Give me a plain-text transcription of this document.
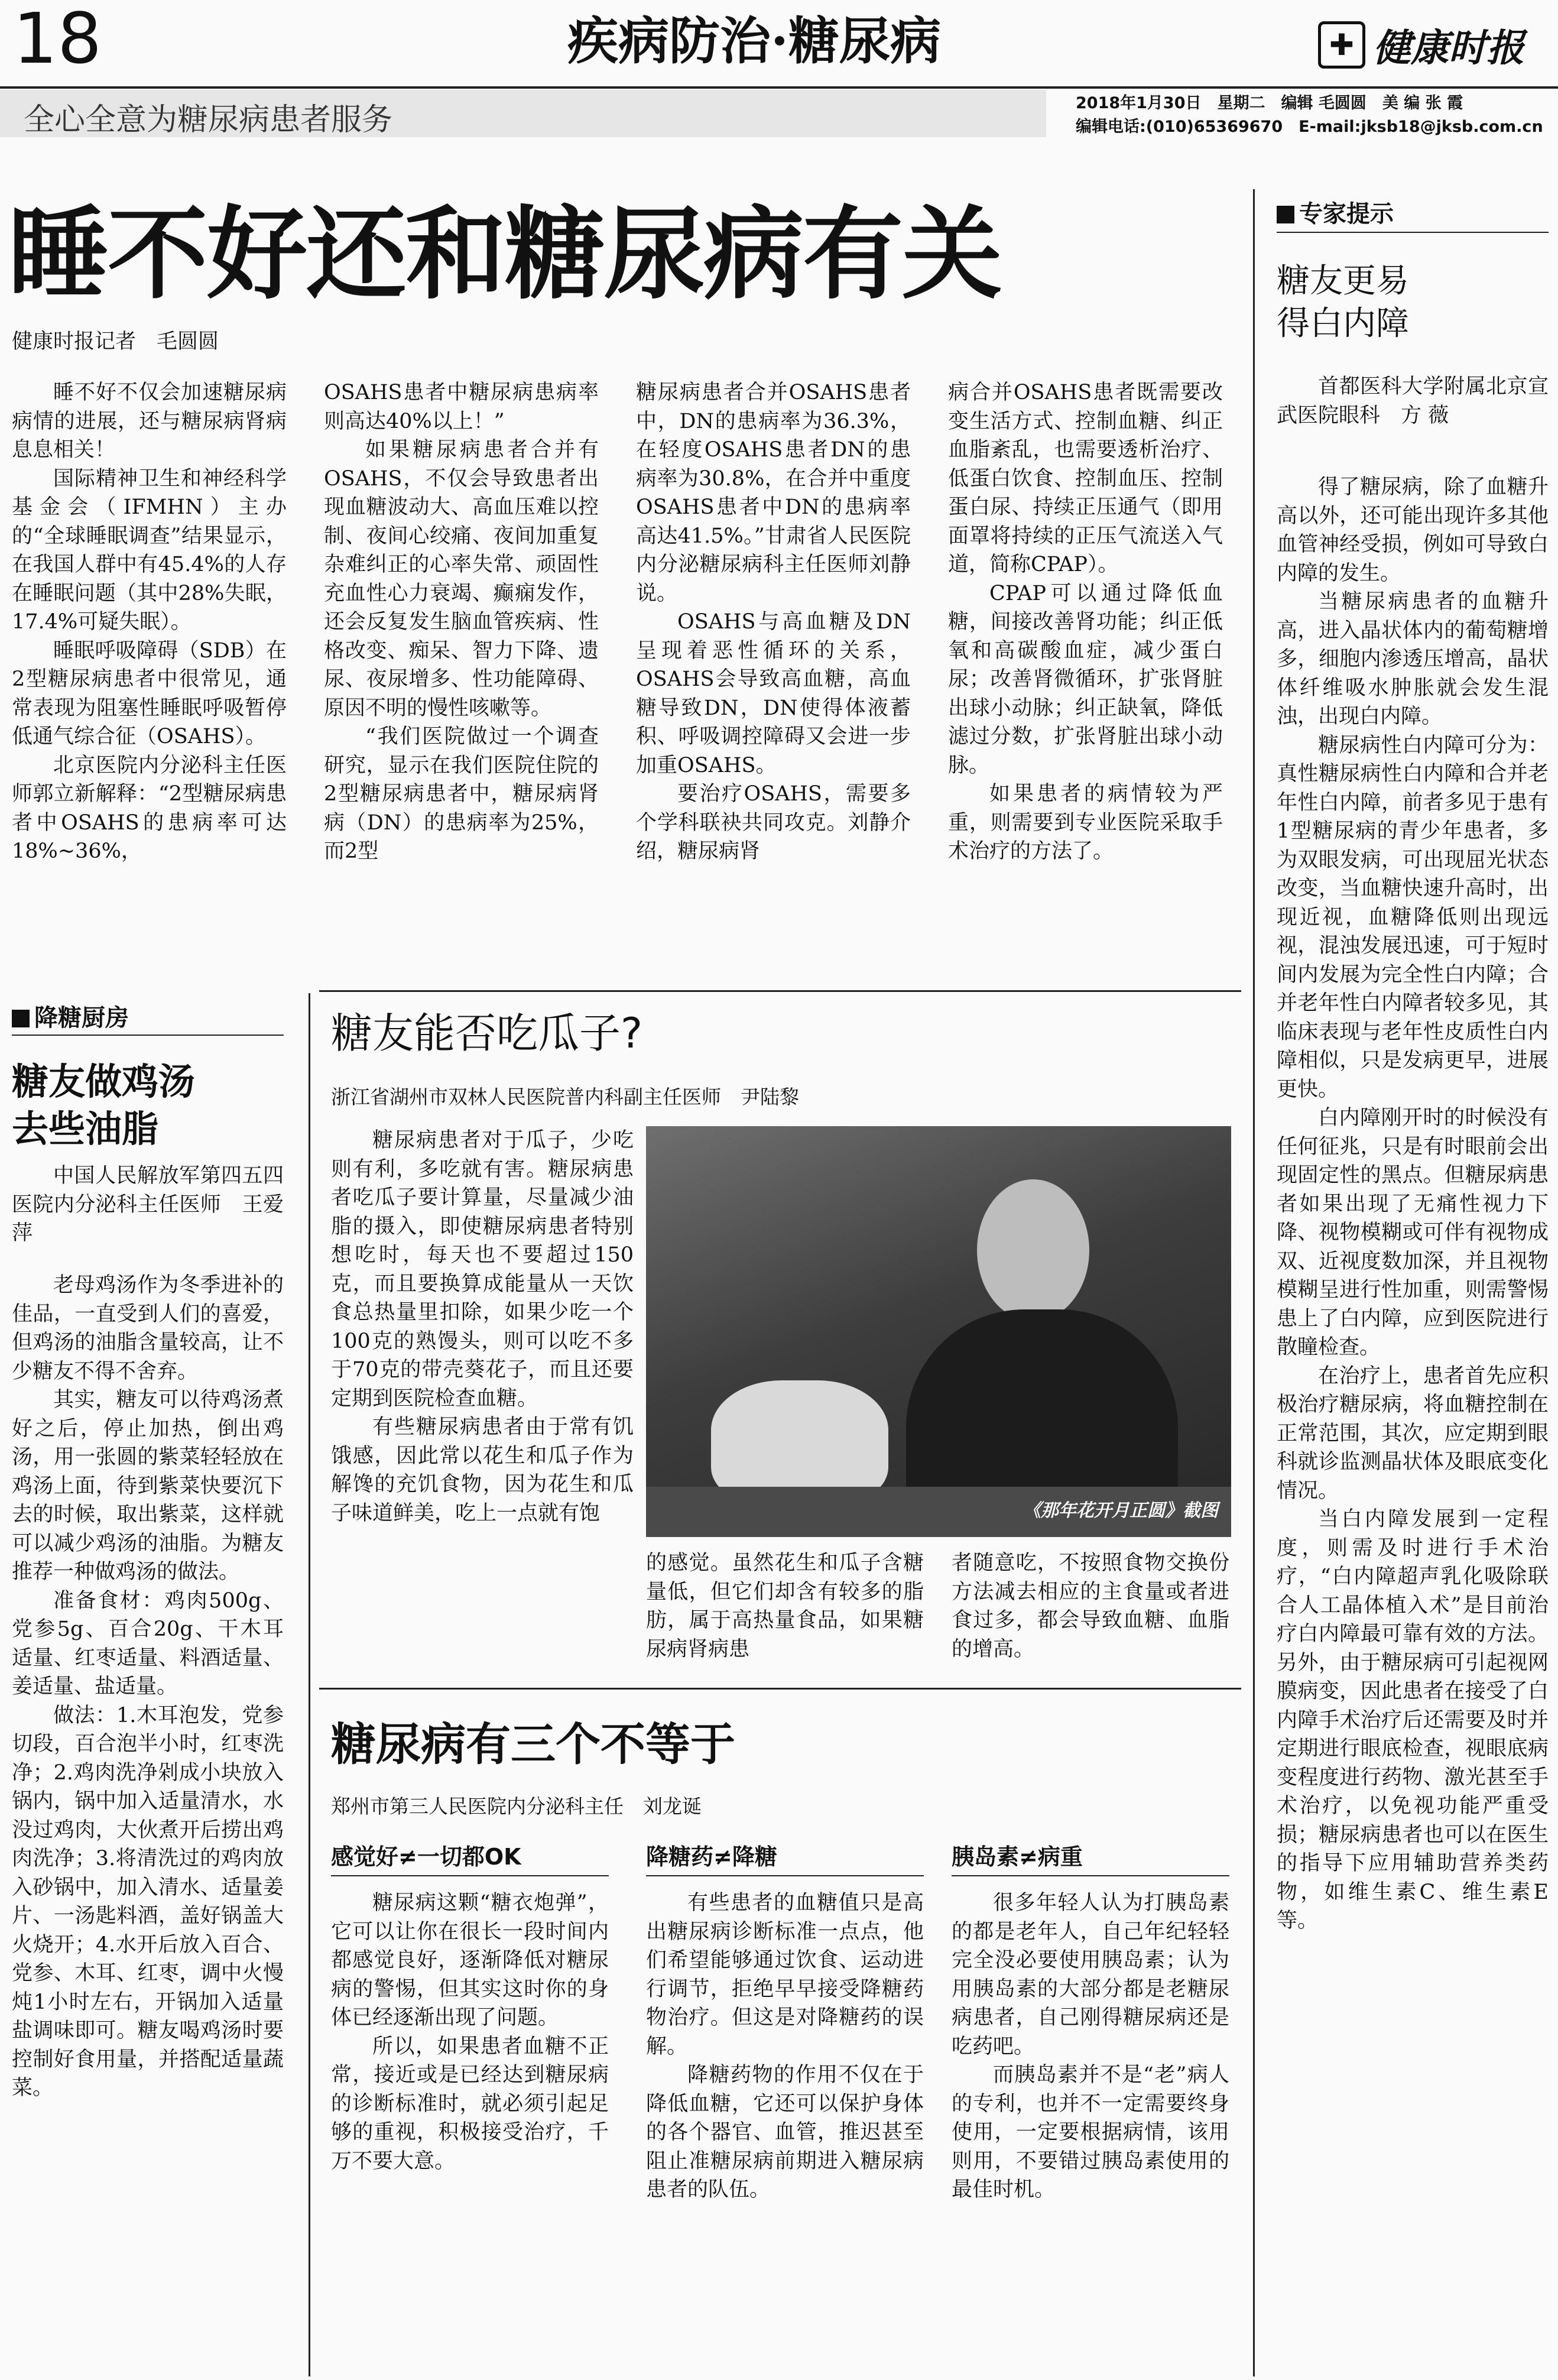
18	疾病防治·糖尿病	✚ 健康时报
全心全意为糖尿病患者服务	2018年1月30日　星期二　编辑 毛圆圆　美 编 张 霞
编辑电话:(010)65369670　E-mail:jksb18@jksb.com.cn
睡不好还和糖尿病有关
健康时报记者　毛圆圆

睡不好不仅会加速糖尿病病情的进展，还与糖尿病肾病息息相关！

国际精神卫生和神经科学基金会（IFMHN）主办的“全球睡眠调查”结果显示，在我国人群中有45.4%的人存在睡眠问题（其中28%失眠，17.4%可疑失眠）。

睡眠呼吸障碍（SDB）在2型糖尿病患者中很常见，通常表现为阻塞性睡眠呼吸暂停低通气综合征（OSAHS）。

北京医院内分泌科主任医师郭立新解释：“2型糖尿病患者中OSAHS的患病率可达18%~36%，

OSAHS患者中糖尿病患病率则高达40%以上！”

如果糖尿病患者合并有OSAHS，不仅会导致患者出现血糖波动大、高血压难以控制、夜间心绞痛、夜间加重复杂难纠正的心率失常、顽固性充血性心力衰竭、癫痫发作，还会反复发生脑血管疾病、性格改变、痴呆、智力下降、遗尿、夜尿增多、性功能障碍、原因不明的慢性咳嗽等。

“我们医院做过一个调查研究，显示在我们医院住院的2型糖尿病患者中，糖尿病肾病（DN）的患病率为25%，而2型

糖尿病患者合并OSAHS患者中，DN的患病率为36.3%，在轻度OSAHS患者DN的患病率为30.8%，在合并中重度OSAHS患者中DN的患病率高达41.5%。”甘肃省人民医院内分泌糖尿病科主任医师刘静说。

OSAHS与高血糖及DN呈现着恶性循环的关系，OSAHS会导致高血糖，高血糖导致DN，DN使得体液蓄积、呼吸调控障碍又会进一步加重OSAHS。

要治疗OSAHS，需要多个学科联袂共同攻克。刘静介绍，糖尿病肾

病合并OSAHS患者既需要改变生活方式、控制血糖、纠正血脂紊乱，也需要透析治疗、低蛋白饮食、控制血压、控制蛋白尿、持续正压通气（即用面罩将持续的正压气流送入气道，简称CPAP）。

CPAP可以通过降低血糖，间接改善肾功能；纠正低氧和高碳酸血症，减少蛋白尿；改善肾微循环，扩张肾脏出球小动脉；纠正缺氧，降低滤过分数，扩张肾脏出球小动脉。

如果患者的病情较为严重，则需要到专业医院采取手术治疗的方法了。

降糖厨房
糖友做鸡汤
去些油脂

中国人民解放军第四五四医院内分泌科主任医师　王爱萍

老母鸡汤作为冬季进补的佳品，一直受到人们的喜爱，但鸡汤的油脂含量较高，让不少糖友不得不舍弃。

其实，糖友可以待鸡汤煮好之后，停止加热，倒出鸡汤，用一张圆的紫菜轻轻放在鸡汤上面，待到紫菜快要沉下去的时候，取出紫菜，这样就可以减少鸡汤的油脂。为糖友推荐一种做鸡汤的做法。

准备食材：鸡肉500g、党参5g、百合20g、干木耳适量、红枣适量、料酒适量、姜适量、盐适量。

做法：1.木耳泡发，党参切段，百合泡半小时，红枣洗净；2.鸡肉洗净剁成小块放入锅内，锅中加入适量清水，水没过鸡肉，大伙煮开后捞出鸡肉洗净；3.将清洗过的鸡肉放入砂锅中，加入清水、适量姜片、一汤匙料酒，盖好锅盖大火烧开；4.水开后放入百合、党参、木耳、红枣，调中火慢炖1小时左右，开锅加入适量盐调味即可。糖友喝鸡汤时要控制好食用量，并搭配适量蔬菜。

糖友能否吃瓜子?
浙江省湖州市双林人民医院普内科副主任医师　尹陆黎

糖尿病患者对于瓜子，少吃则有利，多吃就有害。糖尿病患者吃瓜子要计算量，尽量减少油脂的摄入，即使糖尿病患者特别想吃时，每天也不要超过150克，而且要换算成能量从一天饮食总热量里扣除，如果少吃一个100克的熟馒头，则可以吃不多于70克的带壳葵花子，而且还要定期到医院检查血糖。

有些糖尿病患者由于常有饥饿感，因此常以花生和瓜子作为解馋的充饥食物，因为花生和瓜子味道鲜美，吃上一点就有饱	《那年花开月正圆》截图

的感觉。虽然花生和瓜子含糖量低，但它们却含有较多的脂肪，属于高热量食品，如果糖尿病肾病患

者随意吃，不按照食物交换份方法减去相应的主食量或者进食过多，都会导致血糖、血脂的增高。

糖尿病有三个不等于
郑州市第三人民医院内分泌科主任　刘龙诞
感觉好≠一切都OK	降糖药≠降糖	胰岛素≠病重

糖尿病这颗“糖衣炮弹”，它可以让你在很长一段时间内都感觉良好，逐渐降低对糖尿病的警惕，但其实这时你的身体已经逐渐出现了问题。

所以，如果患者血糖不正常，接近或是已经达到糖尿病的诊断标准时，就必须引起足够的重视，积极接受治疗，千万不要大意。

有些患者的血糖值只是高出糖尿病诊断标准一点点，他们希望能够通过饮食、运动进行调节，拒绝早早接受降糖药物治疗。但这是对降糖药的误解。

降糖药物的作用不仅在于降低血糖，它还可以保护身体的各个器官、血管，推迟甚至阻止准糖尿病前期进入糖尿病患者的队伍。

很多年轻人认为打胰岛素的都是老年人，自己年纪轻轻完全没必要使用胰岛素；认为用胰岛素的大部分都是老糖尿病患者，自己刚得糖尿病还是吃药吧。

而胰岛素并不是“老”病人的专利，也并不一定需要终身使用，一定要根据病情，该用则用，不要错过胰岛素使用的最佳时机。

专家提示
糖友更易
得白内障

首都医科大学附属北京宣武医院眼科　方 薇

得了糖尿病，除了血糖升高以外，还可能出现许多其他血管神经受损，例如可导致白内障的发生。

当糖尿病患者的血糖升高，进入晶状体内的葡萄糖增多，细胞内渗透压增高，晶状体纤维吸水肿胀就会发生混浊，出现白内障。

糖尿病性白内障可分为：真性糖尿病性白内障和合并老年性白内障，前者多见于患有1型糖尿病的青少年患者，多为双眼发病，可出现屈光状态改变，当血糖快速升高时，出现近视，血糖降低则出现远视，混浊发展迅速，可于短时间内发展为完全性白内障；合并老年性白内障者较多见，其临床表现与老年性皮质性白内障相似，只是发病更早，进展更快。

白内障刚开时的时候没有任何征兆，只是有时眼前会出现固定性的黑点。但糖尿病患者如果出现了无痛性视力下降、视物模糊或可伴有视物成双、近视度数加深，并且视物模糊呈进行性加重，则需警惕患上了白内障，应到医院进行散瞳检查。

在治疗上，患者首先应积极治疗糖尿病，将血糖控制在正常范围，其次，应定期到眼科就诊监测晶状体及眼底变化情况。

当白内障发展到一定程度，则需及时进行手术治疗，“白内障超声乳化吸除联合人工晶体植入术”是目前治疗白内障最可靠有效的方法。另外，由于糖尿病可引起视网膜病变，因此患者在接受了白内障手术治疗后还需要及时并定期进行眼底检查，视眼底病变程度进行药物、激光甚至手术治疗，以免视功能严重受损；糖尿病患者也可以在医生的指导下应用辅助营养类药物，如维生素C、维生素E等。
